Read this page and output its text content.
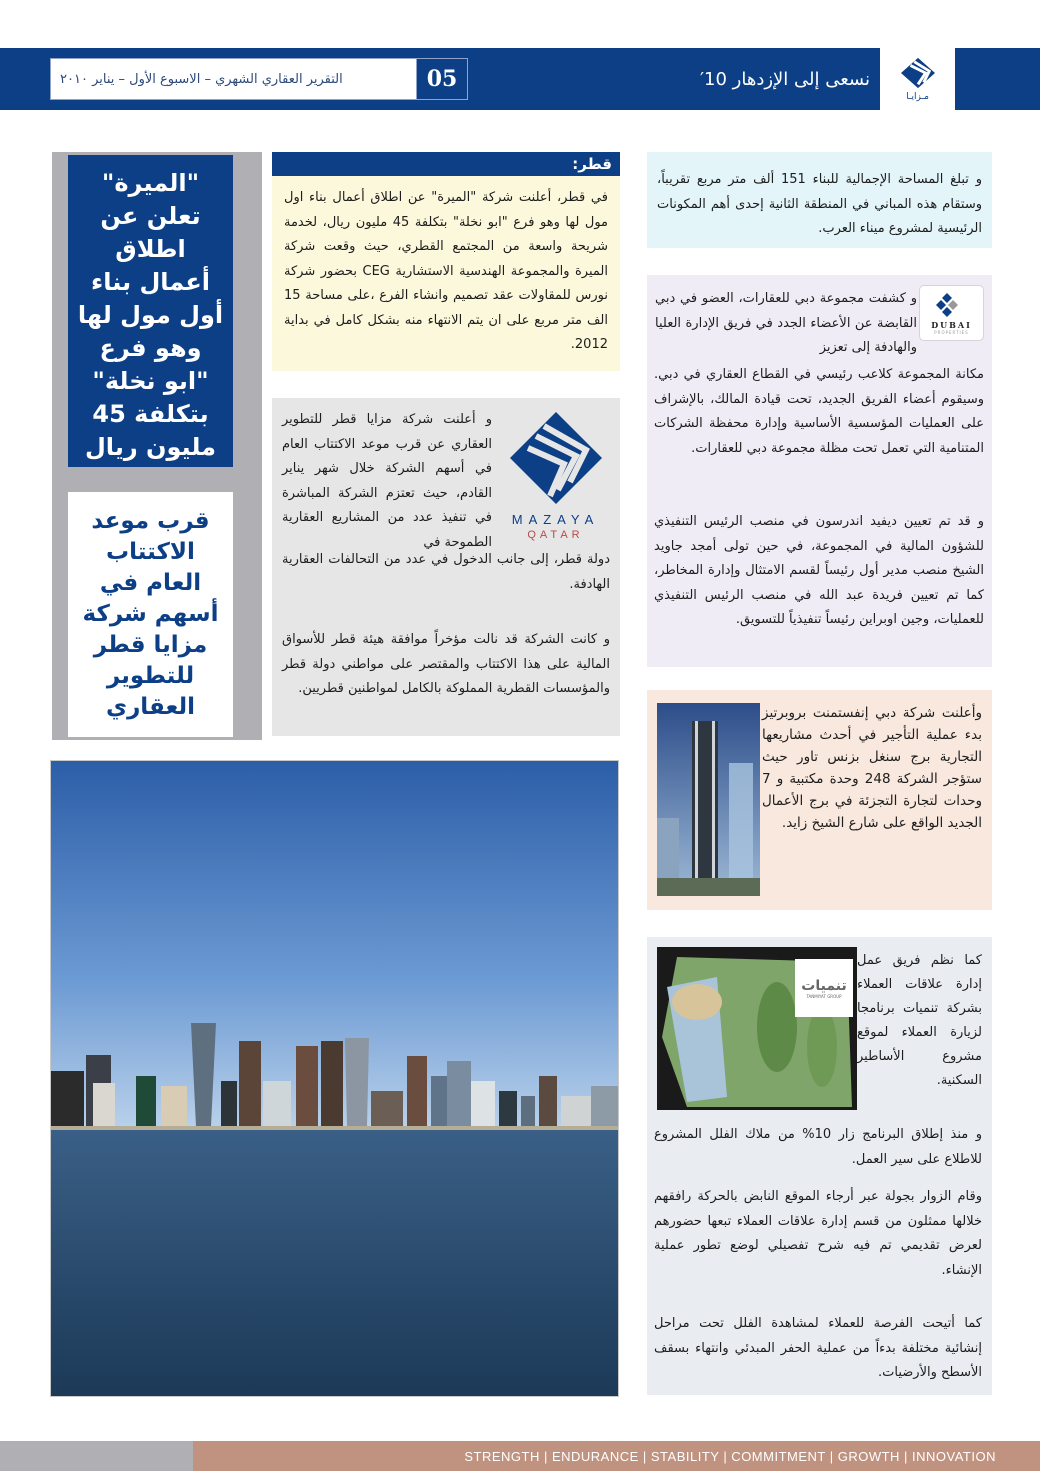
التقرير العقاري الشهري – الاسبوع الأول – يناير ٢٠١٠	05	نسعى إلى الإزدهار 10′
مـزايـا
"الميرة" تعلن عن اطلاق أعمال بناء أول مول لها وهو فرع "ابو نخلة" بتكلفة 45 مليون ريال
قرب موعد الاكتتاب العام في أسهم شركة مزايا قطر للتطوير العقاري
قطر:

في قطر، أعلنت شركة "الميرة" عن اطلاق أعمال بناء اول مول لها وهو فرع "ابو نخلة" بتكلفة 45 مليون ريال، لخدمة شريحة واسعة من المجتمع القطري، حيث وقعت شركة الميرة والمجموعة الهندسية الاستشارية CEG بحضور شركة نورس للمقاولات عقد تصميم وانشاء الفرع ،على مساحة 15 الف متر مربع على ان يتم الانتهاء منه بشكل كامل في بداية 2012.

MAZAYA
QATAR

و أعلنت شركة مزايا قطر للتطوير العقاري عن قرب موعد الاكتتاب العام في أسهم الشركة خلال شهر يناير القادم، حيث تعتزم الشركة المباشرة في تنفيذ عدد من المشاريع العقارية الطموحة في

دولة قطر، إلى جانب الدخول في عدد من التحالفات العقارية الهادفة.

و كانت الشركة قد نالت مؤخراً موافقة هيئة قطر للأسواق المالية على هذا الاكتتاب والمقتصر على مواطني دولة قطر والمؤسسات القطرية المملوكة بالكامل لمواطنين قطريين.

و تبلغ المساحة الإجمالية للبناء 151 ألف متر مربع تقريباً، وستقام هذه المباني في المنطقة الثانية إحدى أهم المكونات الرئيسية لمشروع ميناء العرب.

DUBAI
PROPERTIES

و كشفت مجموعة دبي للعقارات، العضو في دبي القابضة عن الأعضاء الجدد في فريق الإدارة العليا والهادفة إلى تعزيز

مكانة المجموعة كلاعب رئيسي في القطاع العقاري في دبي. وسيقوم أعضاء الفريق الجديد، تحت قيادة المالك، بالإشراف على العمليات المؤسسية الأساسية وإدارة محفظة الشركات المتنامية التي تعمل تحت مظلة مجموعة دبي للعقارات.

و قد تم تعيين ديفيد اندرسون في منصب الرئيس التنفيذي للشؤون المالية في المجموعة، في حين تولى أمجد جاويد الشيخ منصب مدير أول رئيساً لقسم الامتثال وإدارة المخاطر، كما تم تعيين فريدة عبد الله في منصب الرئيس التنفيذي للعمليات، وجين اوبراين رئيساً تنفيذياً للتسويق.

وأعلنت شركة دبي إنفستمنت بروبرتيز بدء عملية التأجير في أحدث مشاريعها التجارية برج سنغل بزنس تاور حيث ستؤجر الشركة 248 وحدة مكتبية و 7 وحدات لتجارة التجزئة في برج الأعمال الجديد الواقع على شارع الشيخ زايد.

تنميات
TANMIYAT GROUP

كما نظم فريق عمل إدارة علاقات العملاء بشركة تنميات برنامجا لزيارة العملاء لموقع مشروع الأساطير السكنية.

و منذ إطلاق البرنامج زار 10% من ملاك الفلل المشروع للاطلاع على سير العمل.

وقام الزوار بجولة عبر أرجاء الموقع النابض بالحركة رافقهم خلالها ممثلون من قسم إدارة علاقات العملاء تبعها حضورهم لعرض تقديمي تم فيه شرح تفصيلي لوضع تطور عملية الإنشاء.

كما أتيحت الفرصة للعملاء لمشاهدة الفلل تحت مراحل إنشائية مختلفة بدءاً من عملية الحفر المبدئي وانتهاء بسقف الأسطح والأرضيات.

STRENGTH | ENDURANCE | STABILITY | COMMITMENT | GROWTH | INNOVATION
